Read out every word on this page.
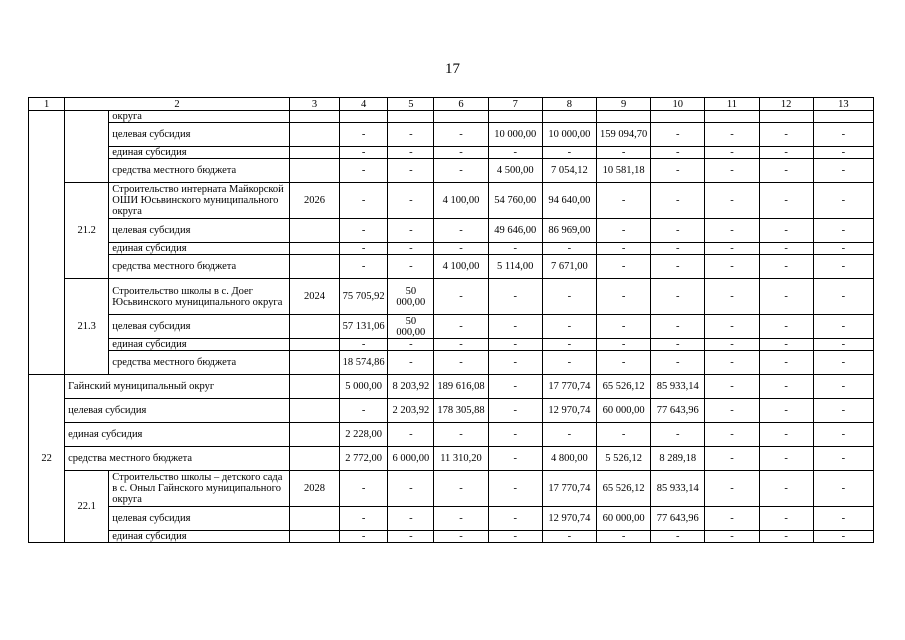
17
1	2		3	4	5	6	7	8	9	10	11	12	13
		округа											
		целевая субсидия		-	-	-	10 000,00	10 000,00	159 094,70	-	-	-	-
		единая субсидия		-	-	-	-	-	-	-	-	-	-
		средства местного бюджета		-	-	-	4 500,00	7 054,12	10 581,18	-	-	-	-
	21.2	Строительство интерната Майкорской ОШИ Юсьвинского муниципального округа	2026	-	-	4 100,00	54 760,00	94 640,00	-	-	-	-	-
		целевая субсидия		-	-	-	49 646,00	86 969,00	-	-	-	-	-
		единая субсидия		-	-	-	-	-	-	-	-	-	-
		средства местного бюджета		-	-	4 100,00	5 114,00	7 671,00	-	-	-	-	-
	21.3	Строительство школы в с. Доег Юсьвинского муниципального округа	2024	75 705,92	50 000,00	-	-	-	-	-	-	-	-
		целевая субсидия		57 131,06	50 000,00	-	-	-	-	-	-	-	-
		единая субсидия		-	-	-	-	-	-	-	-	-	-
		средства местного бюджета		18 574,86	-	-	-	-	-	-	-	-	-
22	Гайнский муниципальный округ			5 000,00	8 203,92	189 616,08	-	17 770,74	65 526,12	85 933,14	-	-	-
	целевая субсидия			-	2 203,92	178 305,88	-	12 970,74	60 000,00	77 643,96	-	-	-
	единая субсидия			2 228,00	-	-	-	-	-	-	-	-	-
	средства местного бюджета			2 772,00	6 000,00	11 310,20	-	4 800,00	5 526,12	8 289,18	-	-	-
	22.1	Строительство школы – детского сада в с. Оныл Гайнского муниципального округа	2028	-	-	-	-	17 770,74	65 526,12	85 933,14	-	-	-
		целевая субсидия		-	-	-	-	12 970,74	60 000,00	77 643,96	-	-	-
		единая субсидия		-	-	-	-	-	-	-	-	-	-
